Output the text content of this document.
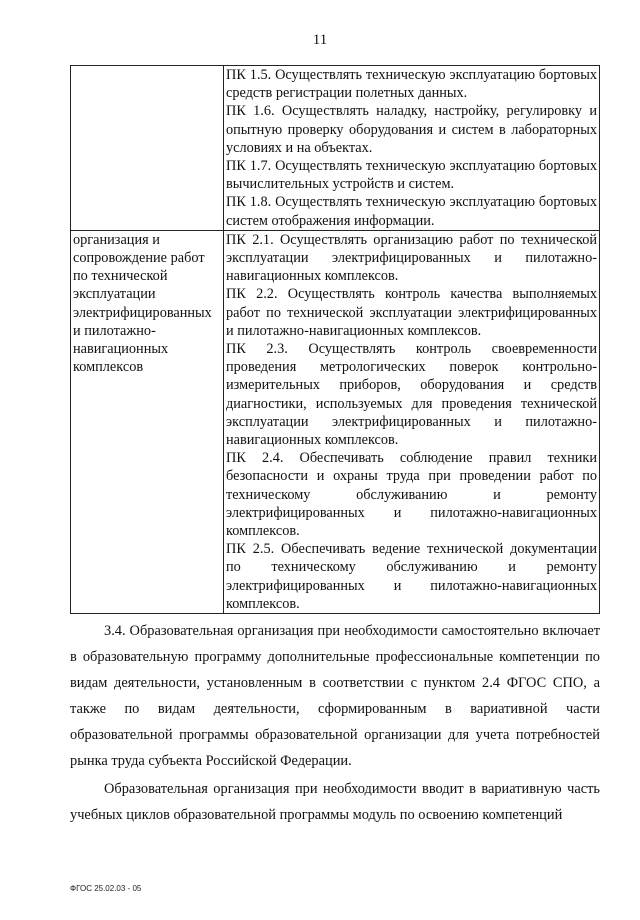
11

	ПК 1.5. Осуществлять техническую эксплуатацию бортовых средств регистрации полетных данных.
ПК 1.6. Осуществлять наладку, настройку, регулировку и опытную проверку оборудования и систем в лабораторных условиях и на объектах.
ПК 1.7. Осуществлять техническую эксплуатацию бортовых вычислительных устройств и систем.
ПК 1.8. Осуществлять техническую эксплуатацию бортовых систем отображения информации.

организация и сопровождение работ по технической эксплуатации электрифицированных и пилотажно-навигационных комплексов	ПК 2.1. Осуществлять организацию работ по технической эксплуатации электрифицированных и пилотажно-навигационных комплексов.
ПК 2.2. Осуществлять контроль качества выполняемых работ по технической эксплуатации электрифицированных и пилотажно-навигационных комплексов.
ПК 2.3. Осуществлять контроль своевременности проведения метрологических поверок контрольно-измерительных приборов, оборудования и средств диагностики, используемых для проведения технической эксплуатации электрифицированных и пилотажно-навигационных комплексов.
ПК 2.4. Обеспечивать соблюдение правил техники безопасности и охраны труда при проведении работ по техническому обслуживанию и ремонту электрифицированных и пилотажно-навигационных комплексов.
ПК 2.5. Обеспечивать ведение технической документации по техническому обслуживанию и ремонту электрифицированных и пилотажно-навигационных комплексов.

3.4. Образовательная организация при необходимости самостоятельно включает в образовательную программу дополнительные профессиональные компетенции по видам деятельности, установленным в соответствии с пунктом 2.4 ФГОС СПО, а также по видам деятельности, сформированным в вариативной части образовательной программы образовательной организации для учета потребностей рынка труда субъекта Российской Федерации.

Образовательная организация при необходимости вводит в вариативную часть учебных циклов образовательной программы модуль по освоению компетенций

ФГОС 25.02.03 - 05
